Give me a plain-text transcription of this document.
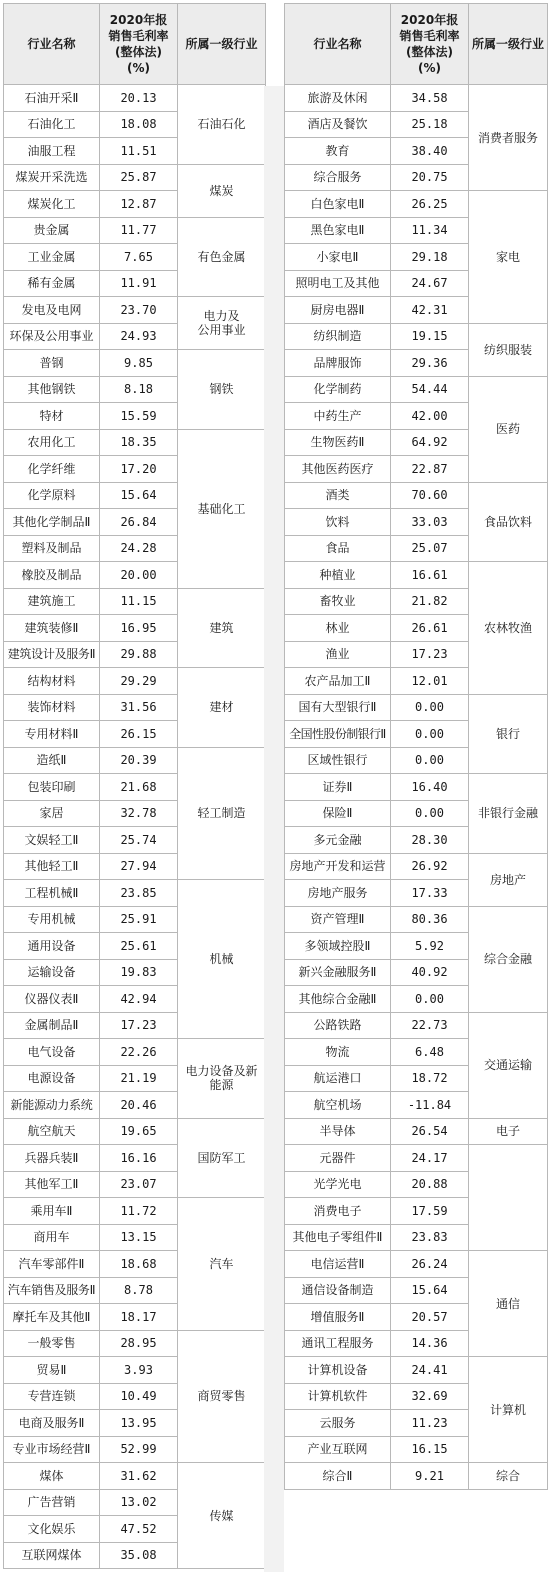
行业名称	2020年报
销售毛利率
(整体法)
(%)	所属一级行业
石油开采Ⅱ	20.13	石油石化
石油化工	18.08	
油服工程	11.51	
煤炭开采洗选	25.87	煤炭
煤炭化工	12.87	
贵金属	11.77	有色金属
工业金属	7.65	
稀有金属	11.91	
发电及电网	23.70	电力及
公用事业
环保及公用事业	24.93	
普钢	9.85	钢铁
其他钢铁	8.18	
特材	15.59	
农用化工	18.35	基础化工
化学纤维	17.20	
化学原料	15.64	
其他化学制品Ⅱ	26.84	
塑料及制品	24.28	
橡胶及制品	20.00	
建筑施工	11.15	建筑
建筑装修Ⅱ	16.95	
建筑设计及服务Ⅱ	29.88	
结构材料	29.29	建材
装饰材料	31.56	
专用材料Ⅱ	26.15	
造纸Ⅱ	20.39	轻工制造
包装印刷	21.68	
家居	32.78	
文娱轻工Ⅱ	25.74	
其他轻工Ⅱ	27.94	
工程机械Ⅱ	23.85	机械
专用机械	25.91	
通用设备	25.61	
运输设备	19.83	
仪器仪表Ⅱ	42.94	
金属制品Ⅱ	17.23	
电气设备	22.26	电力设备及新
能源
电源设备	21.19	
新能源动力系统	20.46	
航空航天	19.65	国防军工
兵器兵装Ⅱ	16.16	
其他军工Ⅱ	23.07	
乘用车Ⅱ	11.72	汽车
商用车	13.15	
汽车零部件Ⅱ	18.68	
汽车销售及服务Ⅱ	8.78	
摩托车及其他Ⅱ	18.17	
一般零售	28.95	商贸零售
贸易Ⅱ	3.93	
专营连锁	10.49	
电商及服务Ⅱ	13.95	
专业市场经营Ⅱ	52.99	
煤体	31.62	传媒
广告营销	13.02	
文化娱乐	47.52	
互联网煤体	35.08	
行业名称	2020年报
销售毛利率
(整体法)
(%)	所属一级行业
旅游及休闲	34.58	消费者服务
酒店及餐饮	25.18	
教育	38.40	
综合服务	20.75	
白色家电Ⅱ	26.25	家电
黑色家电Ⅱ	11.34	
小家电Ⅱ	29.18	
照明电工及其他	24.67	
厨房电器Ⅱ	42.31	
纺织制造	19.15	纺织服装
品牌服饰	29.36	
化学制药	54.44	医药
中药生产	42.00	
生物医药Ⅱ	64.92	
其他医药医疗	22.87	
酒类	70.60	食品饮料
饮料	33.03	
食品	25.07	
种植业	16.61	农林牧渔
畜牧业	21.82	
林业	26.61	
渔业	17.23	
农产品加工Ⅱ	12.01	
国有大型银行Ⅱ	0.00	银行
全国性股份制银行Ⅱ	0.00	
区域性银行	0.00	
证券Ⅱ	16.40	非银行金融
保险Ⅱ	0.00	
多元金融	28.30	
房地产开发和运营	26.92	房地产
房地产服务	17.33	
资产管理Ⅱ	80.36	综合金融
多领域控股Ⅱ	5.92	
新兴金融服务Ⅱ	40.92	
其他综合金融Ⅱ	0.00	
公路铁路	22.73	交通运输
物流	6.48	
航运港口	18.72	
航空机场	-11.84	
半导体	26.54	电子
元器件	24.17	
光学光电	20.88	
消费电子	17.59	
其他电子零组件Ⅱ	23.83	
电信运营Ⅱ	26.24	通信
通信设备制造	15.64	
增值服务Ⅱ	20.57	
通讯工程服务	14.36	
计算机设备	24.41	计算机
计算机软件	32.69	
云服务	11.23	
产业互联网	16.15	
综合Ⅱ	9.21	综合
